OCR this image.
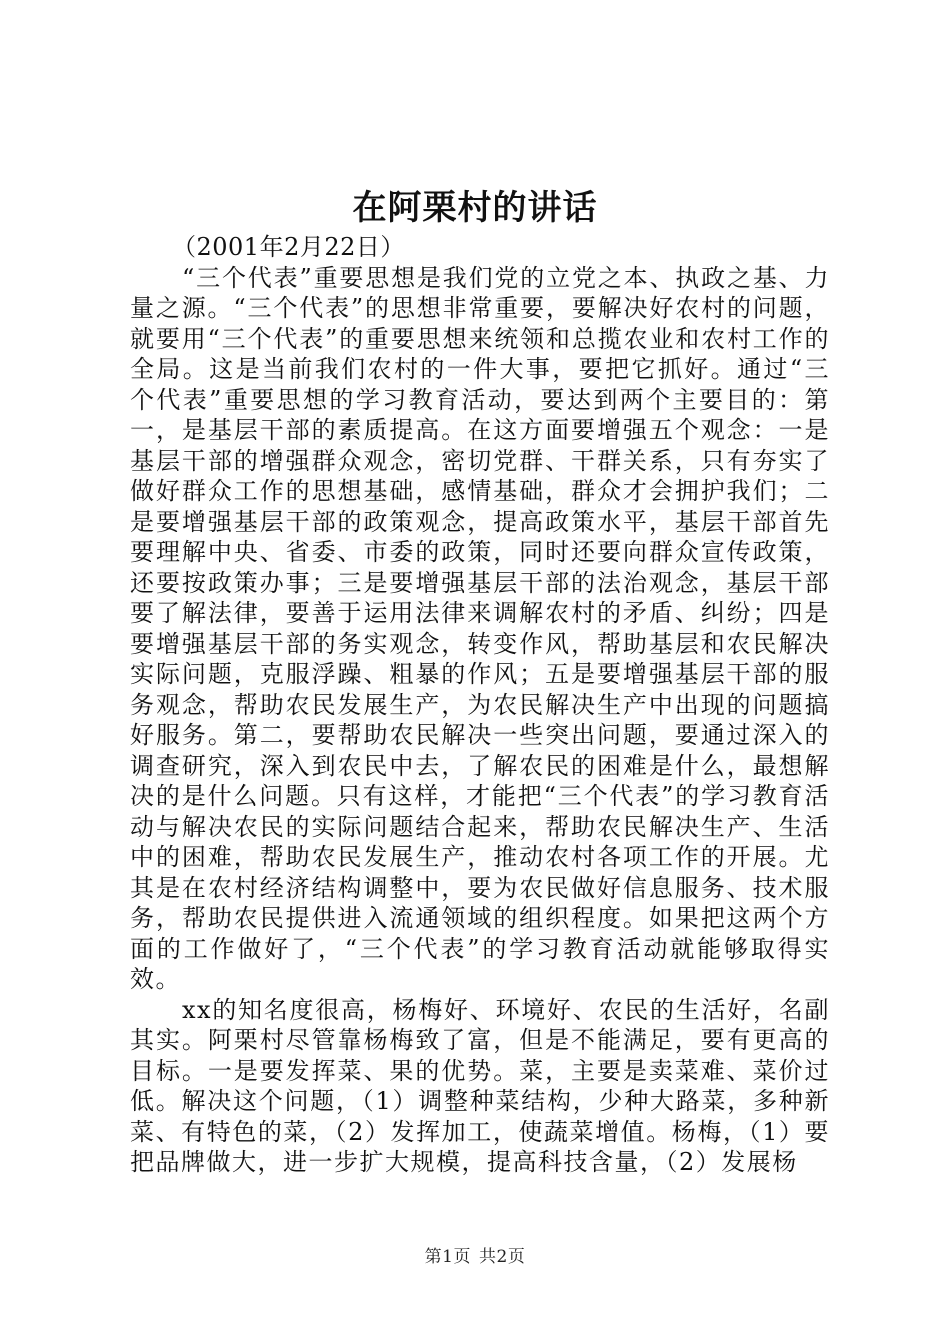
在阿栗村的讲话
（2001年2月22日）

“三个代表”重要思想是我们党的立党之本、执政之基、力量之源。“三个代表”的思想非常重要，要解决好农村的问题，就要用“三个代表”的重要思想来统领和总揽农业和农村工作的全局。这是当前我们农村的一件大事，要把它抓好。通过“三个代表”重要思想的学习教育活动，要达到两个主要目的：第一，是基层干部的素质提高。在这方面要增强五个观念：一是基层干部的增强群众观念，密切党群、干群关系，只有夯实了做好群众工作的思想基础，感情基础，群众才会拥护我们；二是要增强基层干部的政策观念，提高政策水平，基层干部首先要理解中央、省委、市委的政策，同时还要向群众宣传政策，还要按政策办事；三是要增强基层干部的法治观念，基层干部要了解法律，要善于运用法律来调解农村的矛盾、纠纷；四是要增强基层干部的务实观念，转变作风，帮助基层和农民解决实际问题，克服浮躁、粗暴的作风；五是要增强基层干部的服务观念，帮助农民发展生产，为农民解决生产中出现的问题搞好服务。第二，要帮助农民解决一些突出问题，要通过深入的调查研究，深入到农民中去，了解农民的困难是什么，最想解决的是什么问题。只有这样，才能把“三个代表”的学习教育活动与解决农民的实际问题结合起来，帮助农民解决生产、生活中的困难，帮助农民发展生产，推动农村各项工作的开展。尤其是在农村经济结构调整中，要为农民做好信息服务、技术服务，帮助农民提供进入流通领域的组织程度。如果把这两个方面的工作做好了，“三个代表”的学习教育活动就能够取得实效。

xx的知名度很高，杨梅好、环境好、农民的生活好，名副其实。阿栗村尽管靠杨梅致了富，但是不能满足，要有更高的目标。一是要发挥菜、果的优势。菜，主要是卖菜难、菜价过低。解决这个问题，（1）调整种菜结构，少种大路菜，多种新菜、有特色的菜，（2）发挥加工，使蔬菜增值。杨梅，（1）要把品牌做大，进一步扩大规模，提高科技含量，（2）发展杨

第1页 共2页
